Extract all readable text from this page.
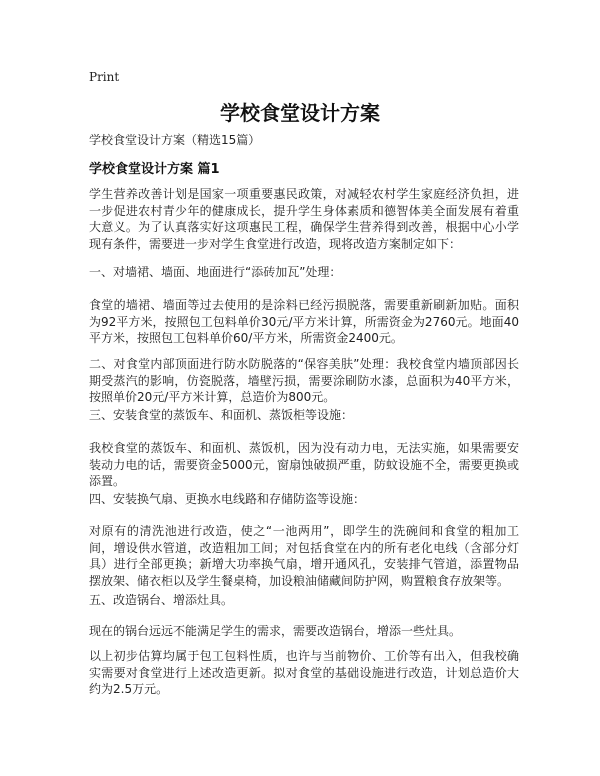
Print
学校食堂设计方案

学校食堂设计方案（精选15篇）

学校食堂设计方案 篇1

学生营养改善计划是国家一项重要惠民政策，对减轻农村学生家庭经济负担，进一步促进农村青少年的健康成长，提升学生身体素质和德智体美全面发展有着重大意义。为了认真落实好这项惠民工程，确保学生营养得到改善，根据中心小学现有条件，需要进一步对学生食堂进行改造，现将改造方案制定如下：

一、对墙裙、墙面、地面进行“添砖加瓦”处理：

食堂的墙裙、墙面等过去使用的是涂料已经污损脱落，需要重新刷新加贴。面积为92平方米，按照包工包料单价30元/平方米计算，所需资金为2760元。地面40平方米，按照包工包料单价60/平方米，所需资金2400元。

二、对食堂内部顶面进行防水防脱落的“保容美肤”处理：我校食堂内墙顶部因长期受蒸汽的影响，仿瓷脱落，墙壁污损，需要涂刷防水漆，总面积为40平方米，按照单价20元/平方米计算，总造价为800元。

三、安装食堂的蒸饭车、和面机、蒸饭柜等设施：

我校食堂的蒸饭车、和面机、蒸饭机，因为没有动力电，无法实施，如果需要安装动力电的话，需要资金5000元，窗扇蚀破损严重，防蚊设施不全，需要更换或添置。

四、安装换气扇、更换水电线路和存储防盗等设施：

对原有的清洗池进行改造，使之“一池两用”，即学生的洗碗间和食堂的粗加工间，增设供水管道，改造粗加工间；对包括食堂在内的所有老化电线（含部分灯具）进行全部更换；新增大功率换气扇，增开通风孔，安装排气管道，添置物品摆放架、储衣柜以及学生餐桌椅，加设粮油储藏间防护网，购置粮食存放架等。

五、改造锅台、增添灶具。

现在的锅台远远不能满足学生的需求，需要改造锅台，增添一些灶具。

以上初步估算均属于包工包料性质，也许与当前物价、工价等有出入，但我校确实需要对食堂进行上述改造更新。拟对食堂的基础设施进行改造，计划总造价大约为2.5万元。
